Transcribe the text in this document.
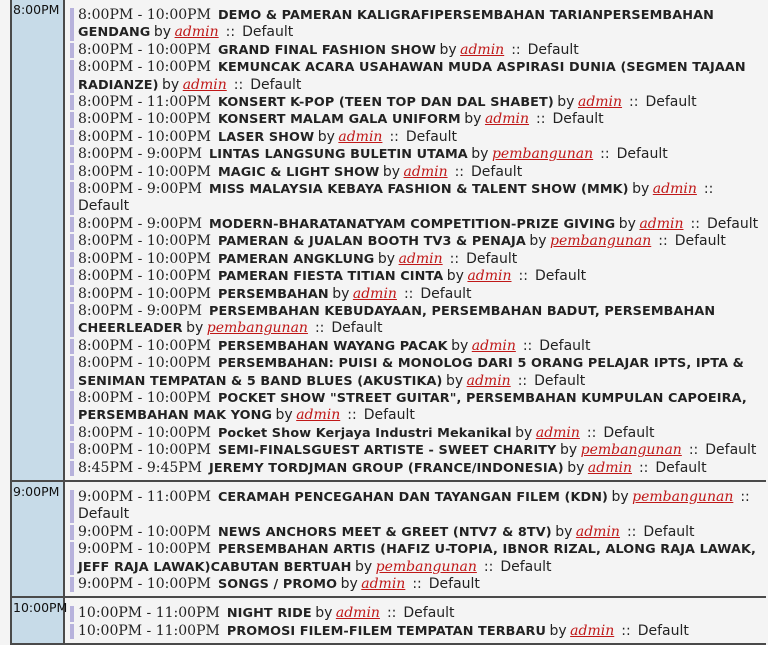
8:00PM	8:00PM - 10:00PM DEMO & PAMERAN KALIGRAFIPERSEMBAHAN TARIANPERSEMBAHAN GENDANG by admin :: Default
8:00PM - 10:00PM GRAND FINAL FASHION SHOW by admin :: Default
8:00PM - 10:00PM KEMUNCAK ACARA USAHAWAN MUDA ASPIRASI DUNIA (SEGMEN TAJAAN RADIANZE) by admin :: Default
8:00PM - 11:00PM KONSERT K-POP (TEEN TOP DAN DAL SHABET) by admin :: Default
8:00PM - 10:00PM KONSERT MALAM GALA UNIFORM by admin :: Default
8:00PM - 10:00PM LASER SHOW by admin :: Default
8:00PM - 9:00PM LINTAS LANGSUNG BULETIN UTAMA by pembangunan :: Default
8:00PM - 10:00PM MAGIC & LIGHT SHOW by admin :: Default
8:00PM - 9:00PM MISS MALAYSIA KEBAYA FASHION & TALENT SHOW (MMK) by admin ::  Default
8:00PM - 9:00PM MODERN-BHARATANATYAM COMPETITION-PRIZE GIVING by admin :: Default
8:00PM - 10:00PM PAMERAN & JUALAN BOOTH TV3 & PENAJA by pembangunan :: Default
8:00PM - 10:00PM PAMERAN ANGKLUNG by admin :: Default
8:00PM - 10:00PM PAMERAN FIESTA TITIAN CINTA by admin :: Default
8:00PM - 10:00PM PERSEMBAHAN by admin :: Default
8:00PM - 9:00PM PERSEMBAHAN KEBUDAYAAN, PERSEMBAHAN BADUT, PERSEMBAHAN CHEERLEADER by pembangunan :: Default
8:00PM - 10:00PM PERSEMBAHAN WAYANG PACAK by admin :: Default
8:00PM - 10:00PM PERSEMBAHAN: PUISI & MONOLOG DARI 5 ORANG PELAJAR IPTS, IPTA & SENIMAN TEMPATAN & 5 BAND BLUES (AKUSTIKA) by admin :: Default
8:00PM - 10:00PM POCKET SHOW "STREET GUITAR", PERSEMBAHAN KUMPULAN CAPOEIRA, PERSEMBAHAN MAK YONG by admin :: Default
8:00PM - 10:00PM Pocket Show Kerjaya Industri Mekanikal by admin :: Default
8:00PM - 10:00PM SEMI-FINALSGUEST ARTISTE - SWEET CHARITY by pembangunan :: Default
8:45PM - 9:45PM JEREMY TORDJMAN GROUP (FRANCE/INDONESIA) by admin :: Default
9:00PM	9:00PM - 11:00PM CERAMAH PENCEGAHAN DAN TAYANGAN FILEM (KDN) by pembangunan ::  Default
9:00PM - 10:00PM NEWS ANCHORS MEET & GREET (NTV7 & 8TV) by admin :: Default
9:00PM - 10:00PM PERSEMBAHAN ARTIS (HAFIZ U-TOPIA, IBNOR RIZAL, ALONG RAJA LAWAK, JEFF RAJA LAWAK)CABUTAN BERTUAH by pembangunan :: Default
9:00PM - 10:00PM SONGS / PROMO by admin :: Default
10:00PM 10:00PM - 11:00PM NIGHT RIDE by admin :: Default
10:00PM - 11:00PM PROMOSI FILEM-FILEM TEMPATAN TERBARU by admin :: Default
